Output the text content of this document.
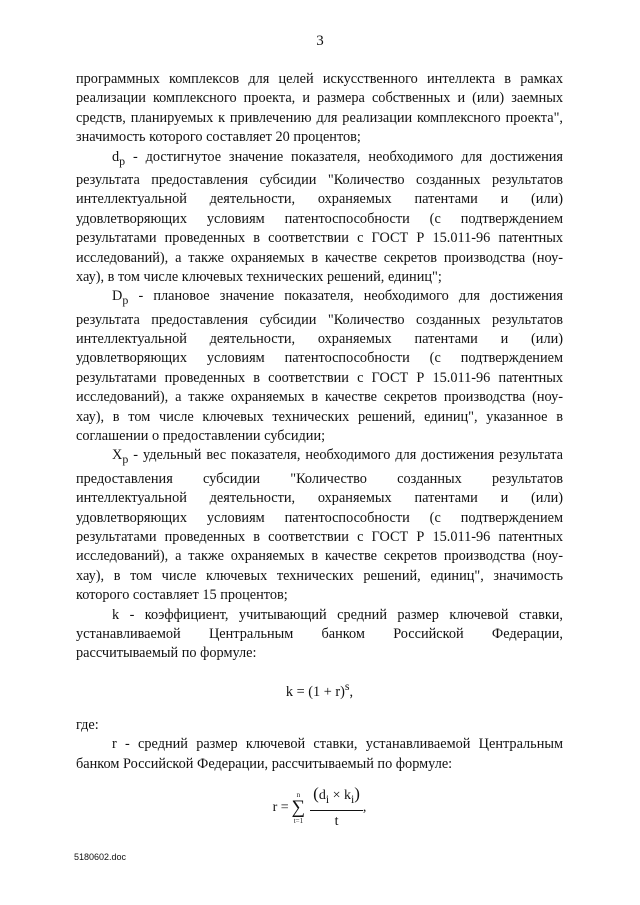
3

программных комплексов для целей искусственного интеллекта в рамках реализации комплексного проекта, и размера собственных и (или) заемных средств, планируемых к привлечению для реализации комплексного проекта", значимость которого составляет 20 процентов;

$d_p$ - достигнутое значение показателя, необходимого для достижения результата предоставления субсидии "Количество созданных результатов интеллектуальной деятельности, охраняемых патентами и (или) удовлетворяющих условиям патентоспособности (с подтверждением результатами проведенных в соответствии с ГОСТ Р 15.011-96 патентных исследований), а также охраняемых в качестве секретов производства (ноу-хау), в том числе ключевых технических решений, единиц";

$D_p$ - плановое значение показателя, необходимого для достижения результата предоставления субсидии "Количество созданных результатов интеллектуальной деятельности, охраняемых патентами и (или) удовлетворяющих условиям патентоспособности (с подтверждением результатами проведенных в соответствии с ГОСТ Р 15.011-96 патентных исследований), а также охраняемых в качестве секретов производства (ноу-хау), в том числе ключевых технических решений, единиц", указанное в соглашении о предоставлении субсидии;

$X_p$ - удельный вес показателя, необходимого для достижения результата предоставления субсидии "Количество созданных результатов интеллектуальной деятельности, охраняемых патентами и (или) удовлетворяющих условиям патентоспособности (с подтверждением результатами проведенных в соответствии с ГОСТ Р 15.011-96 патентных исследований), а также охраняемых в качестве секретов производства (ноу-хау), в том числе ключевых технических решений, единиц", значимость которого составляет 15 процентов;

k - коэффициент, учитывающий средний размер ключевой ставки, устанавливаемой Центральным банком Российской Федерации, рассчитываемый по формуле:

$k = (1 + r)^s$,

где:

r - средний размер ключевой ставки, устанавливаемой Центральным банком Российской Федерации, рассчитываемый по формуле:

r =
n
∑
$t=1 \frac{(d_i \times k_i)}{t}$ ,
5180602.doc
